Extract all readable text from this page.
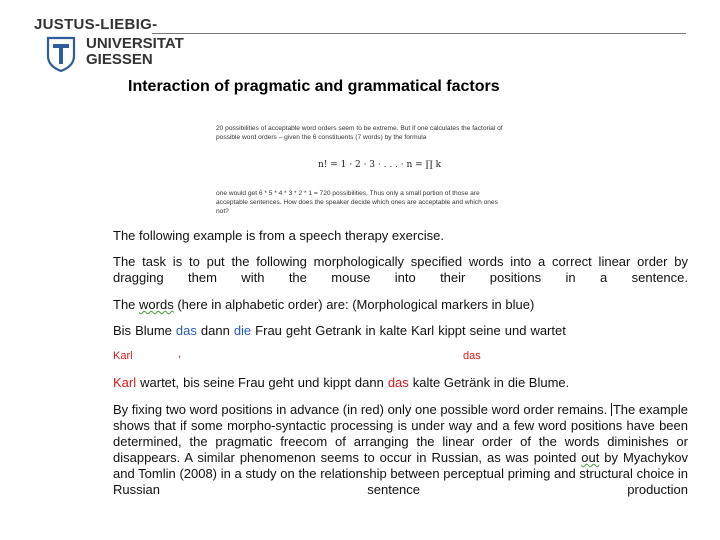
JUSTUS-LIEBIG-
UNIVERSITAT
GIESSEN
Interaction of pragmatic and grammatical factors
20 possibilities of acceptable word orders seem to be extreme. But if one calculates the factorial of possible word orders – given the 6 constituents (7 words) by the formula
n! = 1 · 2 · 3 · . . . · n = ∏ k
one would get 6 * 5 * 4 * 3 * 2 * 1 = 720 possibilities. Thus only a small portion of those are acceptable sentences. How does the speaker decide which ones are acceptable and which ones not?
The following example is from a speech therapy exercise.
The task is to put the following morphologically specified words into a correct linear order by dragging them with the mouse into their positions in a sentence.
The words (here in alphabetic order) are: (Morphological markers in blue)
Bis Blume das dann die Frau geht Getrank in kalte Karl kippt seine und wartet
Karl	,	das
Karl wartet, bis seine Frau geht und kippt dann das kalte Getränk in die Blume.
By fixing two word positions in advance (in red) only one possible word order remains. The example shows that if some morpho-syntactic processing is under way and a few word positions have been determined, the pragmatic freecom of arranging the linear order of the words diminishes or disappears. A similar phenomenon seems to occur in Russian, as was pointed out by Myachykov and Tomlin (2008) in a study on the relationship between perceptual priming and structural choice in Russian sentence production
